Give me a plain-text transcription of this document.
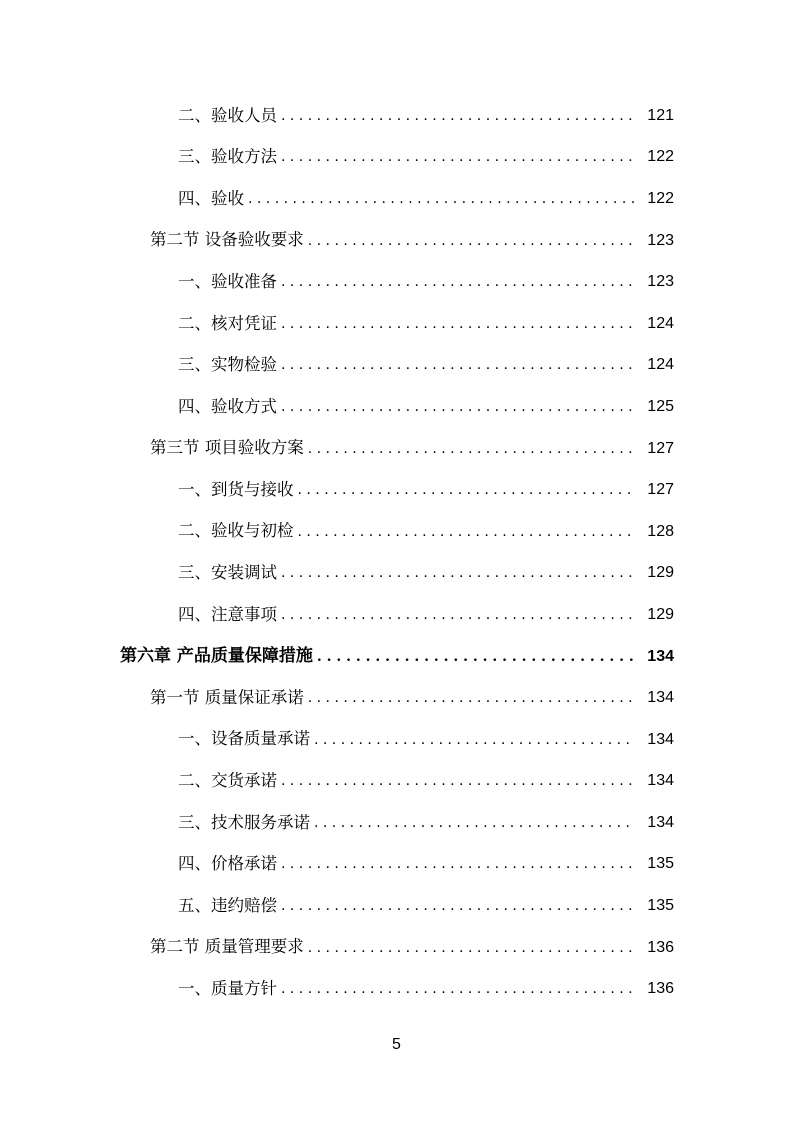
二、验收人员 . . .	121
三、验收方法 . . .	122
四、验收 . . .	122
第二节 设备验收要求 . . .	123
一、验收准备 . . .	123
二、核对凭证 . . .	124
三、实物检验 . . .	124
四、验收方式 . . .	125
第三节 项目验收方案 . . .	127
一、到货与接收 . . .	127
二、验收与初检 . . .	128
三、安装调试 . . .	129
四、注意事项 . . .	129
第六章 产品质量保障措施 . . .	134
第一节 质量保证承诺 . . .	134
一、设备质量承诺 . . .	134
二、交货承诺 . . .	134
三、技术服务承诺 . . .	134
四、价格承诺 . . .	135
五、违约赔偿 . . .	135
第二节 质量管理要求 . . .	136
一、质量方针 . . .	136
5
